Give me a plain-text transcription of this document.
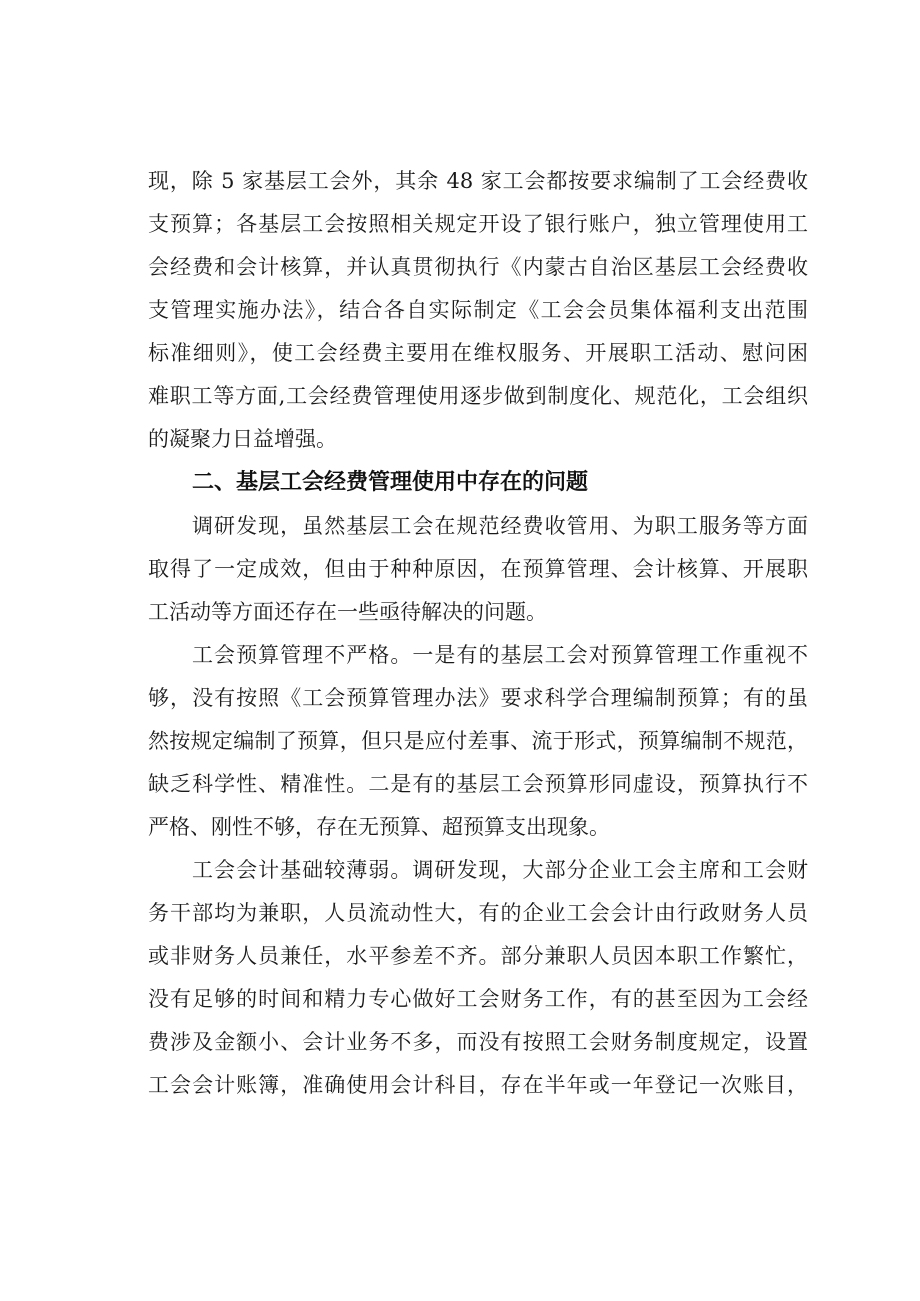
现，除 5 家基层工会外，其余 48 家工会都按要求编制了工会经费收
支预算；各基层工会按照相关规定开设了银行账户，独立管理使用工
会经费和会计核算，并认真贯彻执行《内蒙古自治区基层工会经费收
支管理实施办法》，结合各自实际制定《工会会员集体福利支出范围
标准细则》，使工会经费主要用在维权服务、开展职工活动、慰问困
难职工等方面,工会经费管理使用逐步做到制度化、规范化，工会组织
的凝聚力日益增强。
二、基层工会经费管理使用中存在的问题
调研发现，虽然基层工会在规范经费收管用、为职工服务等方面
取得了一定成效，但由于种种原因，在预算管理、会计核算、开展职
工活动等方面还存在一些亟待解决的问题。
工会预算管理不严格。一是有的基层工会对预算管理工作重视不
够，没有按照《工会预算管理办法》要求科学合理编制预算；有的虽
然按规定编制了预算，但只是应付差事、流于形式，预算编制不规范，
缺乏科学性、精准性。二是有的基层工会预算形同虚设，预算执行不
严格、刚性不够，存在无预算、超预算支出现象。
工会会计基础较薄弱。调研发现，大部分企业工会主席和工会财
务干部均为兼职，人员流动性大，有的企业工会会计由行政财务人员
或非财务人员兼任，水平参差不齐。部分兼职人员因本职工作繁忙，
没有足够的时间和精力专心做好工会财务工作，有的甚至因为工会经
费涉及金额小、会计业务不多，而没有按照工会财务制度规定，设置
工会会计账簿，准确使用会计科目，存在半年或一年登记一次账目，
